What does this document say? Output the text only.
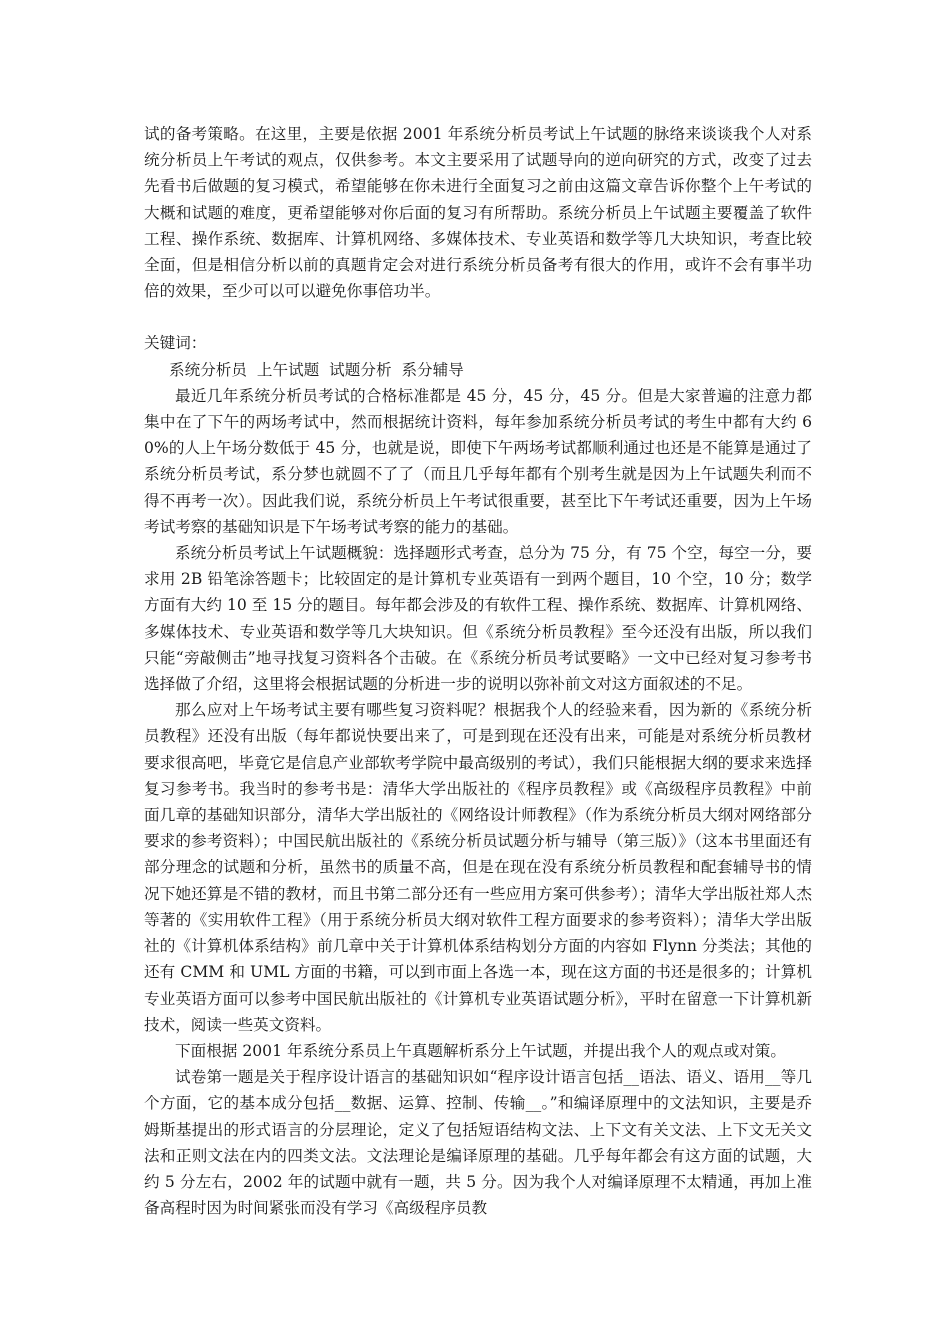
试的备考策略。在这里，主要是依据 2001 年系统分析员考试上午试题的脉络来谈谈我个人对系统分析员上午考试的观点，仅供参考。本文主要采用了试题导向的逆向研究的方式，改变了过去先看书后做题的复习模式，希望能够在你未进行全面复习之前由这篇文章告诉你整个上午考试的大概和试题的难度，更希望能够对你后面的复习有所帮助。系统分析员上午试题主要覆盖了软件工程、操作系统、数据库、计算机网络、多媒体技术、专业英语和数学等几大块知识，考查比较全面，但是相信分析以前的真题肯定会对进行系统分析员备考有很大的作用，或许不会有事半功倍的效果，至少可以可以避免你事倍功半。

关键词：

系统分析员  上午试题  试题分析  系分辅导

最近几年系统分析员考试的合格标准都是 45 分，45 分，45 分。但是大家普遍的注意力都集中在了下午的两场考试中，然而根据统计资料，每年参加系统分析员考试的考生中都有大约 60%的人上午场分数低于 45 分，也就是说，即使下午两场考试都顺利通过也还是不能算是通过了系统分析员考试，系分梦也就圆不了了（而且几乎每年都有个别考生就是因为上午试题失利而不得不再考一次）。因此我们说，系统分析员上午考试很重要，甚至比下午考试还重要，因为上午场考试考察的基础知识是下午场考试考察的能力的基础。

系统分析员考试上午试题概貌：选择题形式考查，总分为 75 分，有 75 个空，每空一分，要求用 2B 铅笔涂答题卡；比较固定的是计算机专业英语有一到两个题目，10 个空，10 分；数学方面有大约 10 至 15 分的题目。每年都会涉及的有软件工程、操作系统、数据库、计算机网络、多媒体技术、专业英语和数学等几大块知识。但《系统分析员教程》至今还没有出版，所以我们只能“旁敲侧击”地寻找复习资料各个击破。在《系统分析员考试要略》一文中已经对复习参考书选择做了介绍，这里将会根据试题的分析进一步的说明以弥补前文对这方面叙述的不足。

那么应对上午场考试主要有哪些复习资料呢？根据我个人的经验来看，因为新的《系统分析员教程》还没有出版（每年都说快要出来了，可是到现在还没有出来，可能是对系统分析员教材要求很高吧，毕竟它是信息产业部软考学院中最高级别的考试），我们只能根据大纲的要求来选择复习参考书。我当时的参考书是：清华大学出版社的《程序员教程》或《高级程序员教程》中前面几章的基础知识部分，清华大学出版社的《网络设计师教程》（作为系统分析员大纲对网络部分要求的参考资料）；中国民航出版社的《系统分析员试题分析与辅导（第三版）》（这本书里面还有部分理念的试题和分析，虽然书的质量不高，但是在现在没有系统分析员教程和配套辅导书的情况下她还算是不错的教材，而且书第二部分还有一些应用方案可供参考）；清华大学出版社郑人杰等著的《实用软件工程》（用于系统分析员大纲对软件工程方面要求的参考资料）；清华大学出版社的《计算机体系结构》前几章中关于计算机体系结构划分方面的内容如 Flynn 分类法；其他的还有 CMM 和 UML 方面的书籍，可以到市面上各选一本，现在这方面的书还是很多的；计算机专业英语方面可以参考中国民航出版社的《计算机专业英语试题分析》，平时在留意一下计算机新技术，阅读一些英文资料。

下面根据 2001 年系统分系员上午真题解析系分上午试题，并提出我个人的观点或对策。

试卷第一题是关于程序设计语言的基础知识如“程序设计语言包括__语法、语义、语用__等几个方面，它的基本成分包括__数据、运算、控制、传输__。”和编译原理中的文法知识，主要是乔姆斯基提出的形式语言的分层理论，定义了包括短语结构文法、上下文有关文法、上下文无关文法和正则文法在内的四类文法。文法理论是编译原理的基础。几乎每年都会有这方面的试题，大约 5 分左右，2002 年的试题中就有一题，共 5 分。因为我个人对编译原理不太精通，再加上准备高程时因为时间紧张而没有学习《高级程序员教
